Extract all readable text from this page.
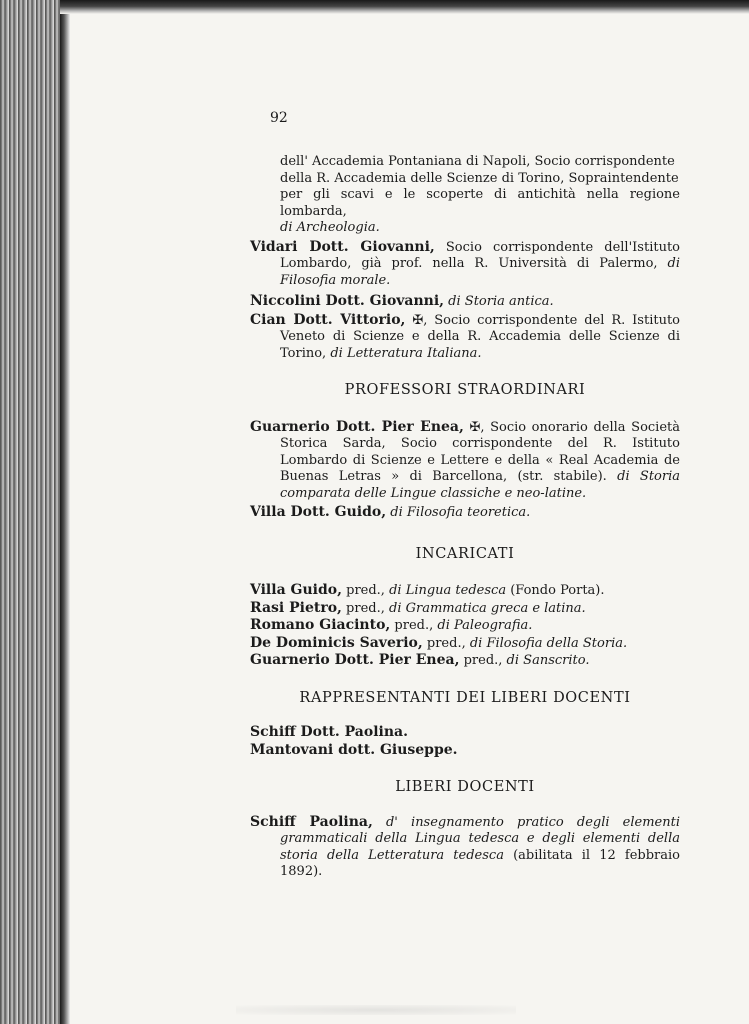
92

dell' Accademia Pontaniana di Napoli, Socio corrispondente
della R. Accademia delle Scienze di Torino, Sopraintendente
per gli scavi e le scoperte di antichità nella regione lombarda,
di Archeologia.

Vidari Dott. Giovanni, Socio corrispondente dell'Istituto Lombardo, già prof. nella R. Università di Palermo, di Filosofia morale.

Niccolini Dott. Giovanni, di Storia antica.

Cian Dott. Vittorio, ✠, Socio corrispondente del R. Istituto Veneto di Scienze e della R. Accademia delle Scienze di Torino, di Letteratura Italiana.

PROFESSORI STRAORDINARI

Guarnerio Dott. Pier Enea, ✠, Socio onorario della Società Storica Sarda, Socio corrispondente del R. Istituto Lombardo di Scienze e Lettere e della « Real Academia de Buenas Letras » di Barcellona, (str. stabile). di Storia comparata delle Lingue classiche e neo-latine.

Villa Dott. Guido, di Filosofia teoretica.

INCARICATI

Villa Guido, pred., di Lingua tedesca (Fondo Porta).

Rasi Pietro, pred., di Grammatica greca e latina.

Romano Giacinto, pred., di Paleografia.

De Dominicis Saverio, pred., di Filosofia della Storia.

Guarnerio Dott. Pier Enea, pred., di Sanscrito.

RAPPRESENTANTI DEI LIBERI DOCENTI

Schiff Dott. Paolina.

Mantovani dott. Giuseppe.

LIBERI DOCENTI

Schiff Paolina, d' insegnamento pratico degli elementi grammaticali della Lingua tedesca e degli elementi della storia della Letteratura tedesca (abilitata il 12 febbraio 1892).
